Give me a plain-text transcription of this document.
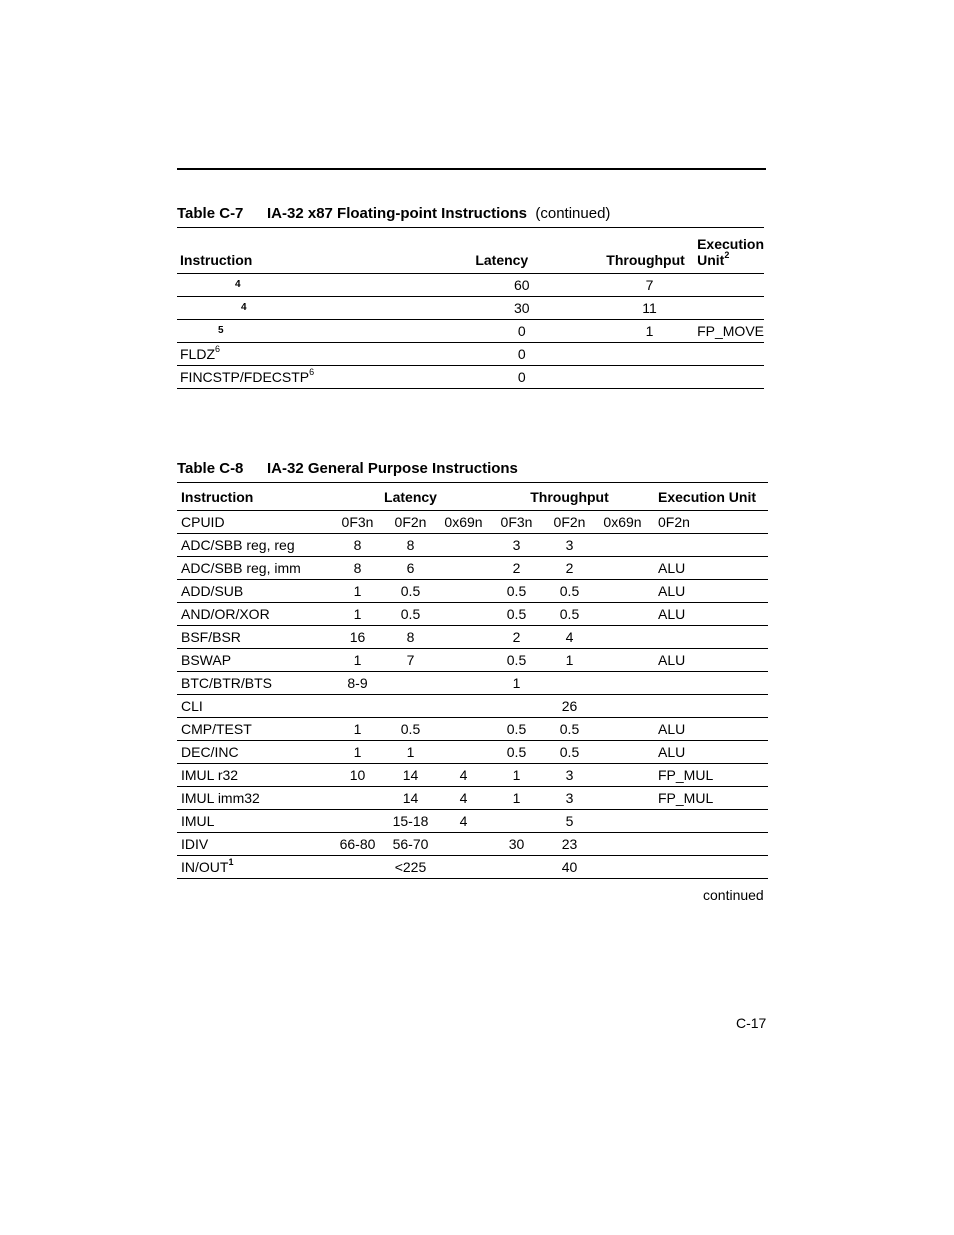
Table C-7 IA-32 x87 Floating-point Instructions (continued)
Instruction	Latency	Throughput	Execution
Unit$^2$
4	60	7	
4	30	11	
5	0	1	FP_MOVE
FLDZ$^6$	0		
FINCSTP/FDECSTP$^6$	0		
Table C-8 IA-32 General Purpose Instructions
Instruction	Latency			Throughput			Execution Unit
CPUID	0F3n	0F2n	0x69n	0F3n	0F2n	0x69n	0F2n
ADC/SBB reg, reg	8	8		3	3		
ADC/SBB reg, imm	8	6		2	2		ALU
ADD/SUB	1	0.5		0.5	0.5		ALU
AND/OR/XOR	1	0.5		0.5	0.5		ALU
BSF/BSR	16	8		2	4		
BSWAP	1	7		0.5	1		ALU
BTC/BTR/BTS	8-9			1			
CLI					26		
CMP/TEST	1	0.5		0.5	0.5		ALU
DEC/INC	1	1		0.5	0.5		ALU
IMUL r32	10	14	4	1	3		FP_MUL
IMUL imm32		14	4	1	3		FP_MUL
IMUL		15-18	4		5		
IDIV	66-80	56-70		30	23		
IN/OUT$^1$		<225			40		
continued
C-17
